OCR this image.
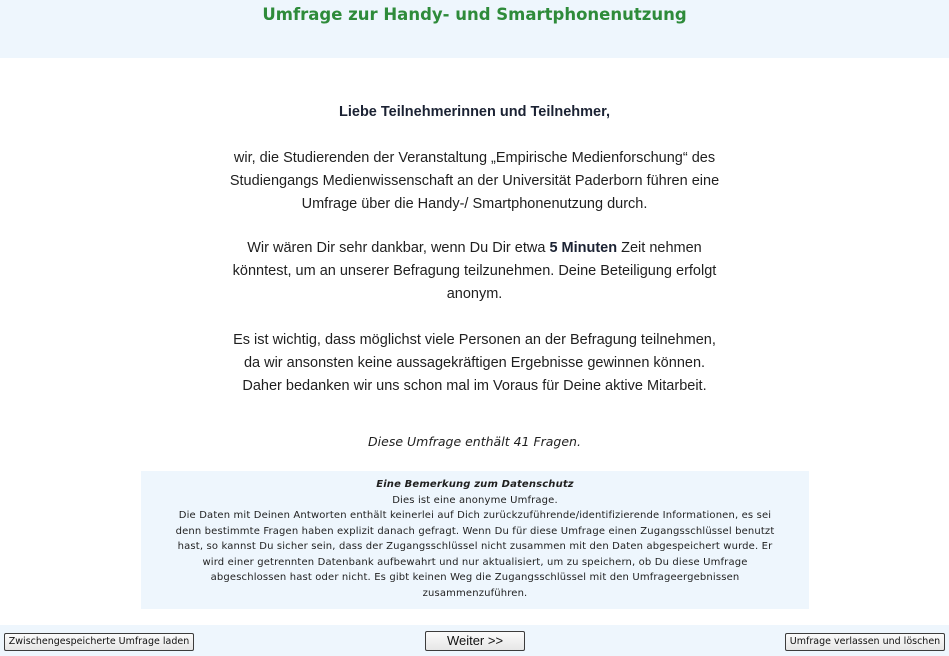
Umfrage zur Handy- und Smartphonenutzung
Liebe Teilnehmerinnen und Teilnehmer,
wir, die Studierenden der Veranstaltung „Empirische Medienforschung“ des
Studiengangs Medienwissenschaft an der Universität Paderborn führen eine
Umfrage über die Handy-/ Smartphonenutzung durch.
Wir wären Dir sehr dankbar, wenn Du Dir etwa 5 Minuten Zeit nehmen
könntest, um an unserer Befragung teilzunehmen. Deine Beteiligung erfolgt
anonym.
Es ist wichtig, dass möglichst viele Personen an der Befragung teilnehmen,
da wir ansonsten keine aussagekräftigen Ergebnisse gewinnen können.
Daher bedanken wir uns schon mal im Voraus für Deine aktive Mitarbeit.
Diese Umfrage enthält 41 Fragen.
Eine Bemerkung zum Datenschutz
Dies ist eine anonyme Umfrage.
Die Daten mit Deinen Antworten enthält keinerlei auf Dich zurückzuführende/identifizierende Informationen, es sei
denn bestimmte Fragen haben explizit danach gefragt. Wenn Du für diese Umfrage einen Zugangsschlüssel benutzt
hast, so kannst Du sicher sein, dass der Zugangsschlüssel nicht zusammen mit den Daten abgespeichert wurde. Er
wird einer getrennten Datenbank aufbewahrt und nur aktualisiert, um zu speichern, ob Du diese Umfrage
abgeschlossen hast oder nicht. Es gibt keinen Weg die Zugangsschlüssel mit den Umfrageergebnissen
zusammenzuführen.
Zwischengespeicherte Umfrage laden	Weiter >>	Umfrage verlassen und löschen
